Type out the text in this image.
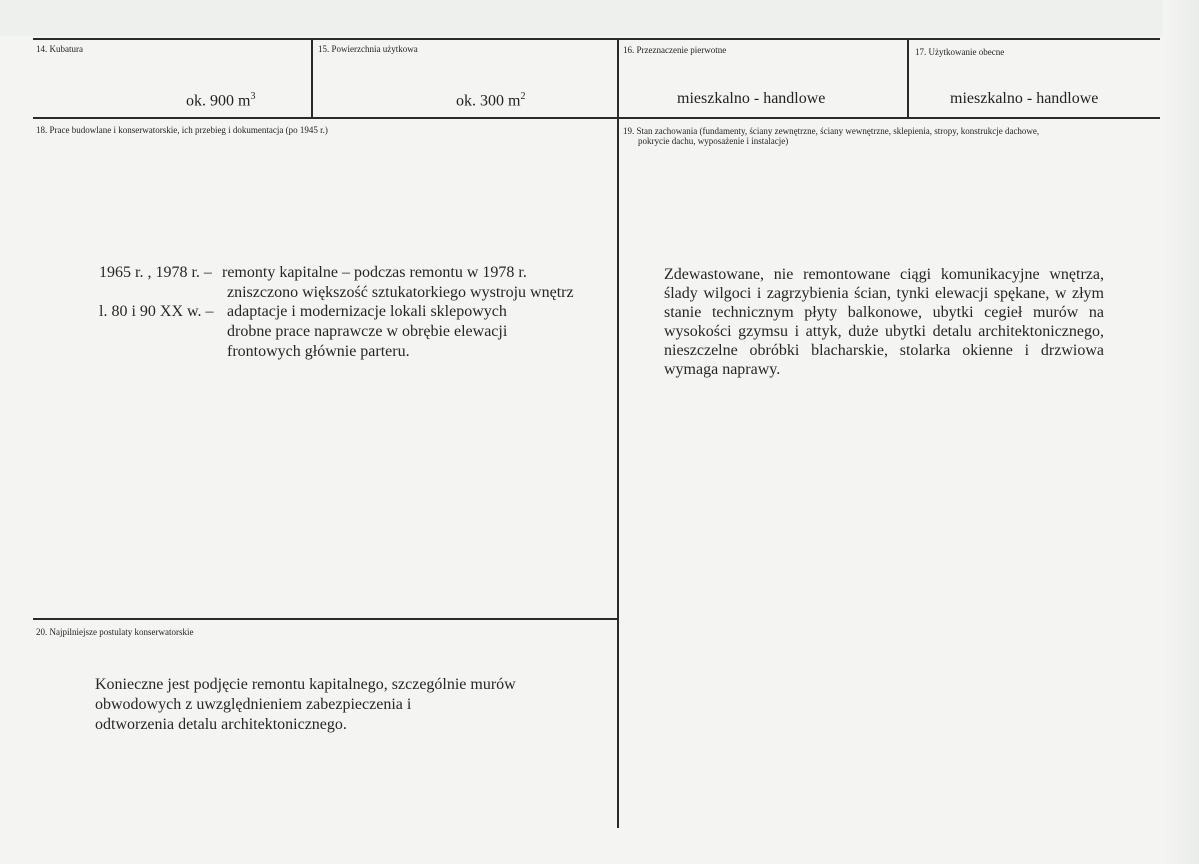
14. Kubatura
ok. 900 $m^3$
15. Powierzchnia użytkowa
ok. 300 $m^2$
16. Przeznaczenie pierwotne
mieszkalno - handlowe
17. Użytkowanie obecne
mieszkalno - handlowe
18. Prace budowlane i konserwatorskie, ich przebieg i dokumentacja (po 1945 r.)
1965 r. , 1978 r. – remonty kapitalne – podczas remontu w 1978 r.
zniszczono większość sztukatorkiego wystroju wnętrz
l. 80 i 90 XX w. – adaptacje i modernizacje lokali sklepowych
drobne prace naprawcze w obrębie elewacji
frontowych głównie parteru.
19. Stan zachowania (fundamenty, ściany zewnętrzne, ściany wewnętrzne, sklepienia, stropy, konstrukcje dachowe,
pokrycie dachu, wyposażenie i instalacje)
Zdewastowane, nie remontowane ciągi komunikacyjne wnętrza, ślady wilgoci i zagrzybienia ścian, tynki elewacji spękane, w złym stanie technicznym płyty balkonowe, ubytki cegieł murów na wysokości gzymsu i attyk, duże ubytki detalu architektonicznego, nieszczelne obróbki blacharskie, stolarka okienne i drzwiowa wymaga naprawy.
20. Najpilniejsze postulaty konserwatorskie
Konieczne jest podjęcie remontu kapitalnego, szczególnie murów
obwodowych z uwzględnieniem zabezpieczenia i
odtworzenia detalu architektonicznego.
